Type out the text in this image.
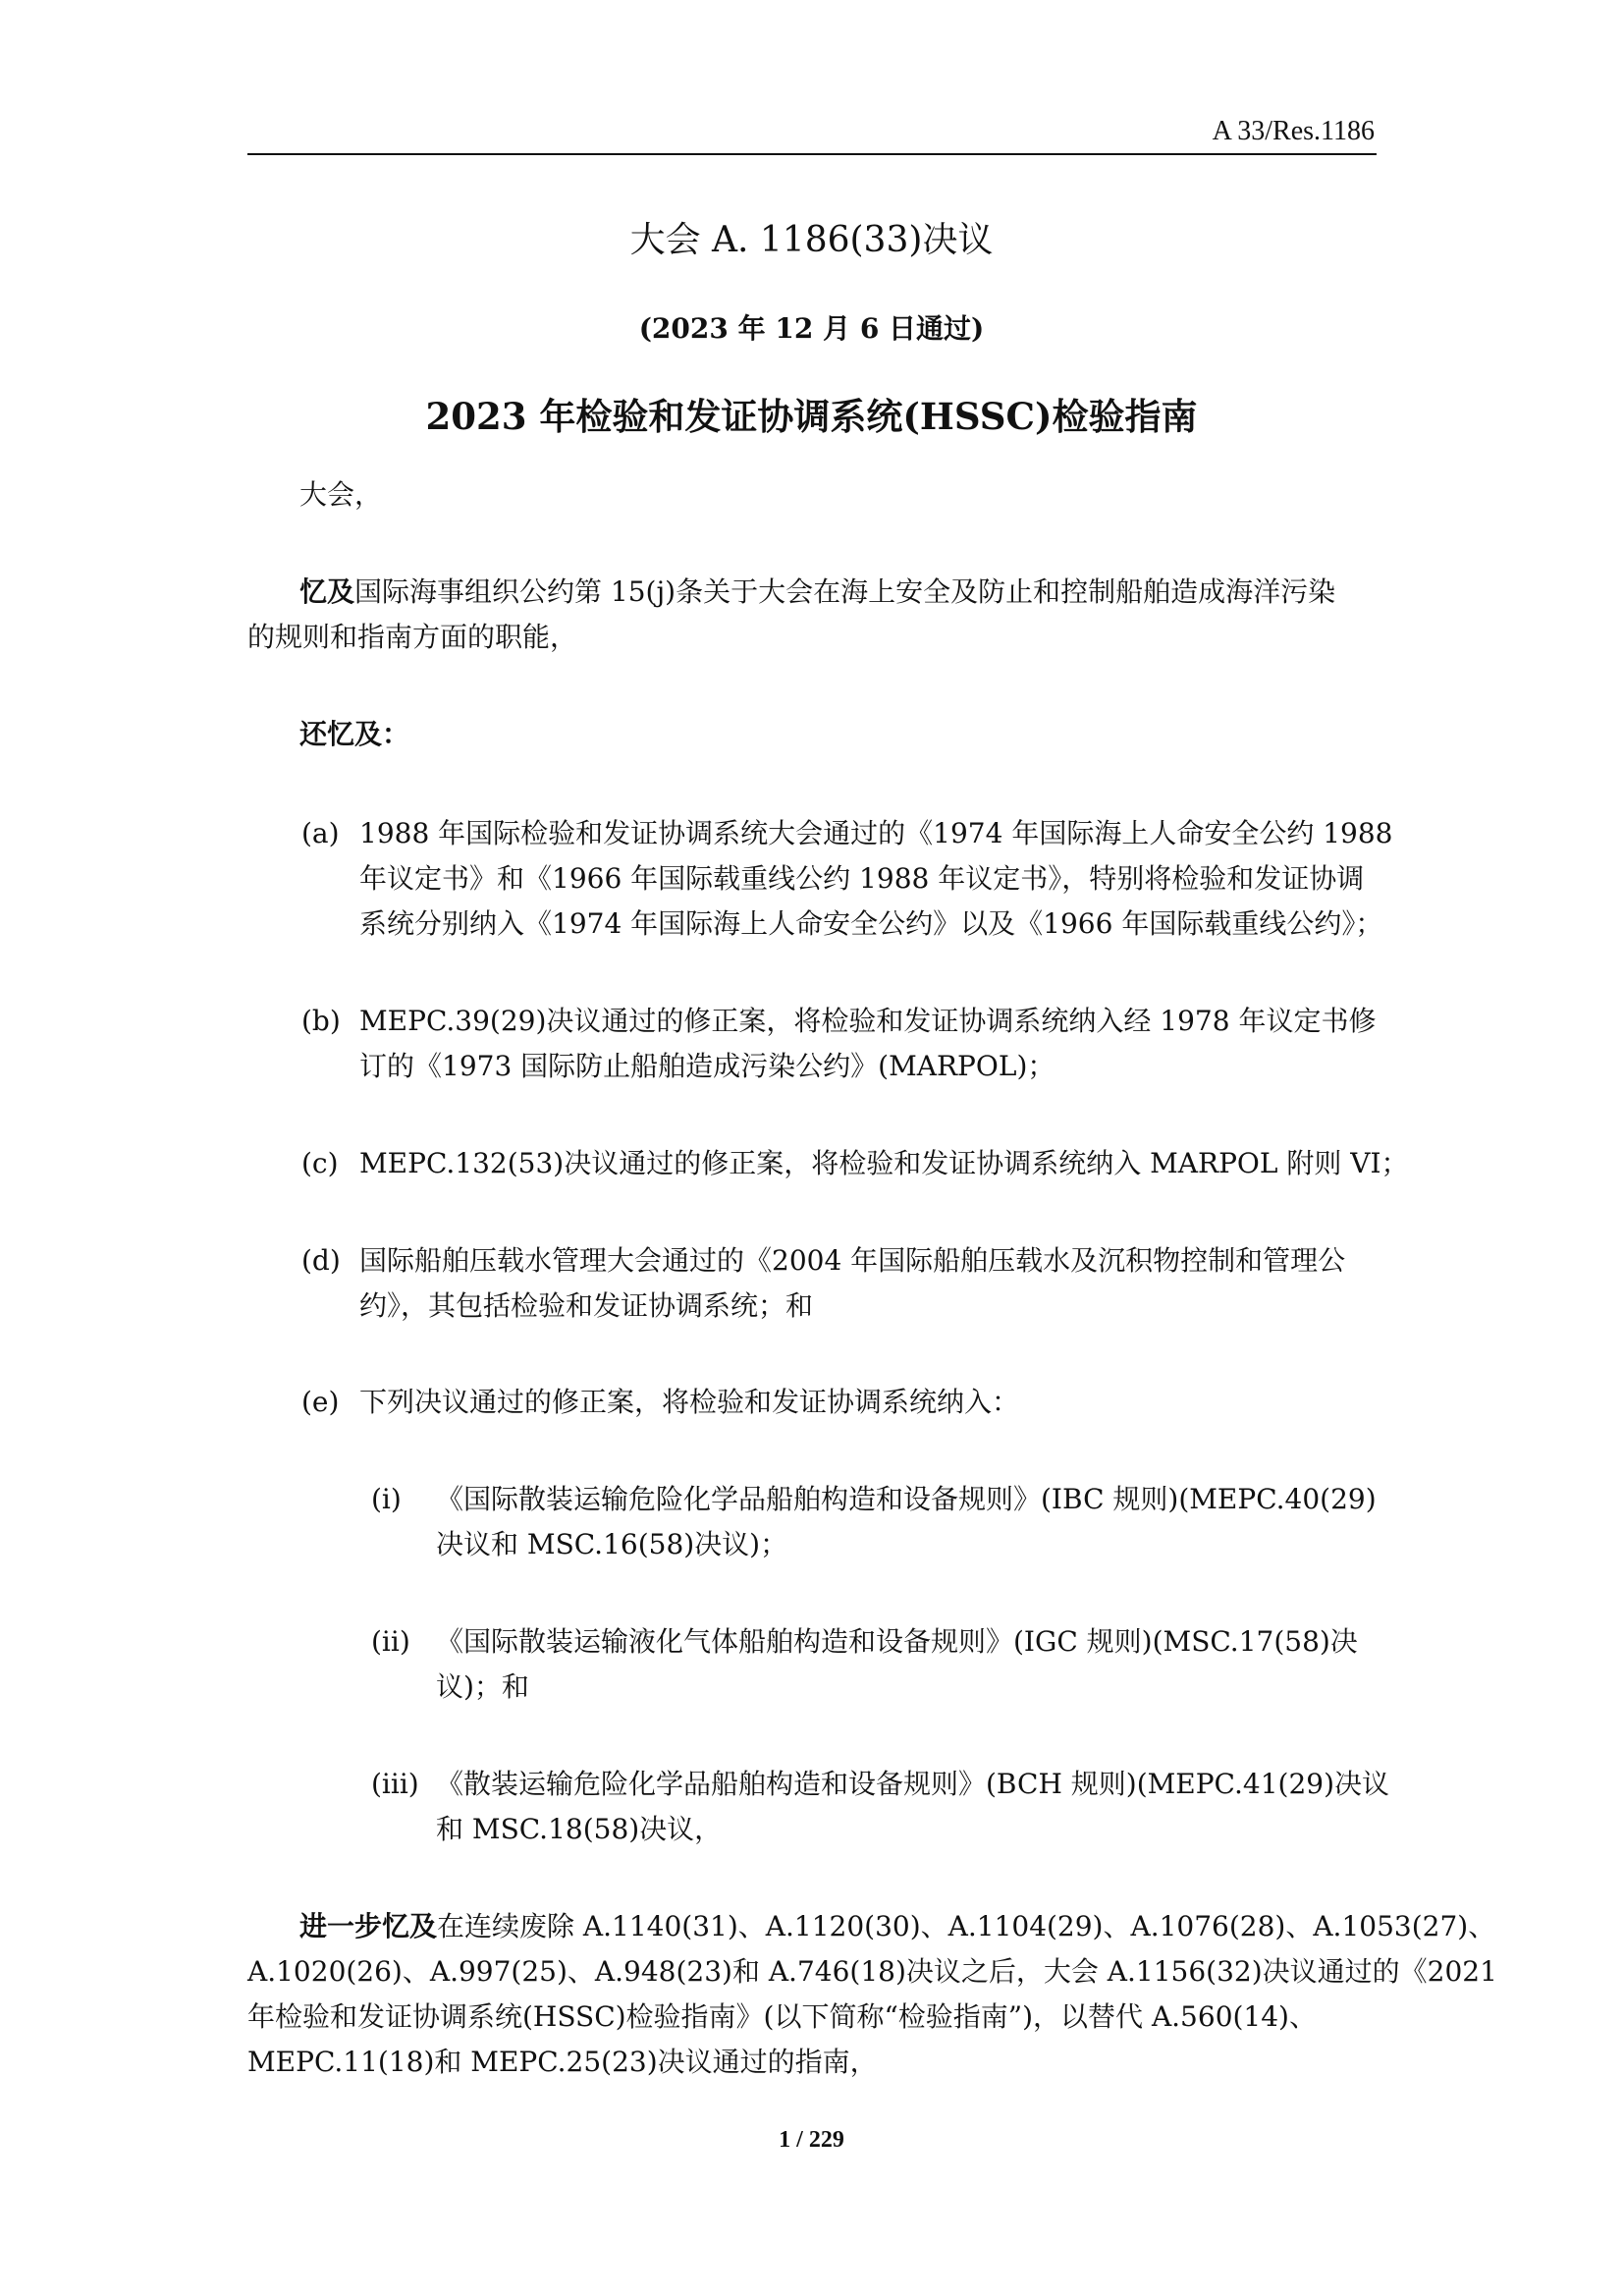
A 33/Res.1186
大会 A. 1186(33)决议
(2023 年 12 月 6 日通过)
2023 年检验和发证协调系统(HSSC)检验指南
大会，
忆及国际海事组织公约第 15(j)条关于大会在海上安全及防止和控制船舶造成海洋污染
的规则和指南方面的职能，
还忆及：
(a) 1988 年国际检验和发证协调系统大会通过的《1974 年国际海上人命安全公约 1988
年议定书》和《1966 年国际载重线公约 1988 年议定书》，特别将检验和发证协调
系统分别纳入《1974 年国际海上人命安全公约》以及《1966 年国际载重线公约》；
(b) MEPC.39(29)决议通过的修正案，将检验和发证协调系统纳入经 1978 年议定书修
订的《1973 国际防止船舶造成污染公约》(MARPOL)；
(c) MEPC.132(53)决议通过的修正案，将检验和发证协调系统纳入 MARPOL 附则 VI；
(d) 国际船舶压载水管理大会通过的《2004 年国际船舶压载水及沉积物控制和管理公
约》，其包括检验和发证协调系统；和
(e) 下列决议通过的修正案，将检验和发证协调系统纳入：
(i) 《国际散装运输危险化学品船舶构造和设备规则》(IBC 规则)(MEPC.40(29)
决议和 MSC.16(58)决议)；
(ii) 《国际散装运输液化气体船舶构造和设备规则》(IGC 规则)(MSC.17(58)决
议)；和
(iii) 《散装运输危险化学品船舶构造和设备规则》(BCH 规则)(MEPC.41(29)决议
和 MSC.18(58)决议，
进一步忆及在连续废除 A.1140(31)、A.1120(30)、A.1104(29)、A.1076(28)、A.1053(27)、
A.1020(26)、A.997(25)、A.948(23)和 A.746(18)决议之后，大会 A.1156(32)决议通过的《2021
年检验和发证协调系统(HSSC)检验指南》(以下简称“检验指南”)，以替代 A.560(14)、
MEPC.11(18)和 MEPC.25(23)决议通过的指南，
1 / 229
